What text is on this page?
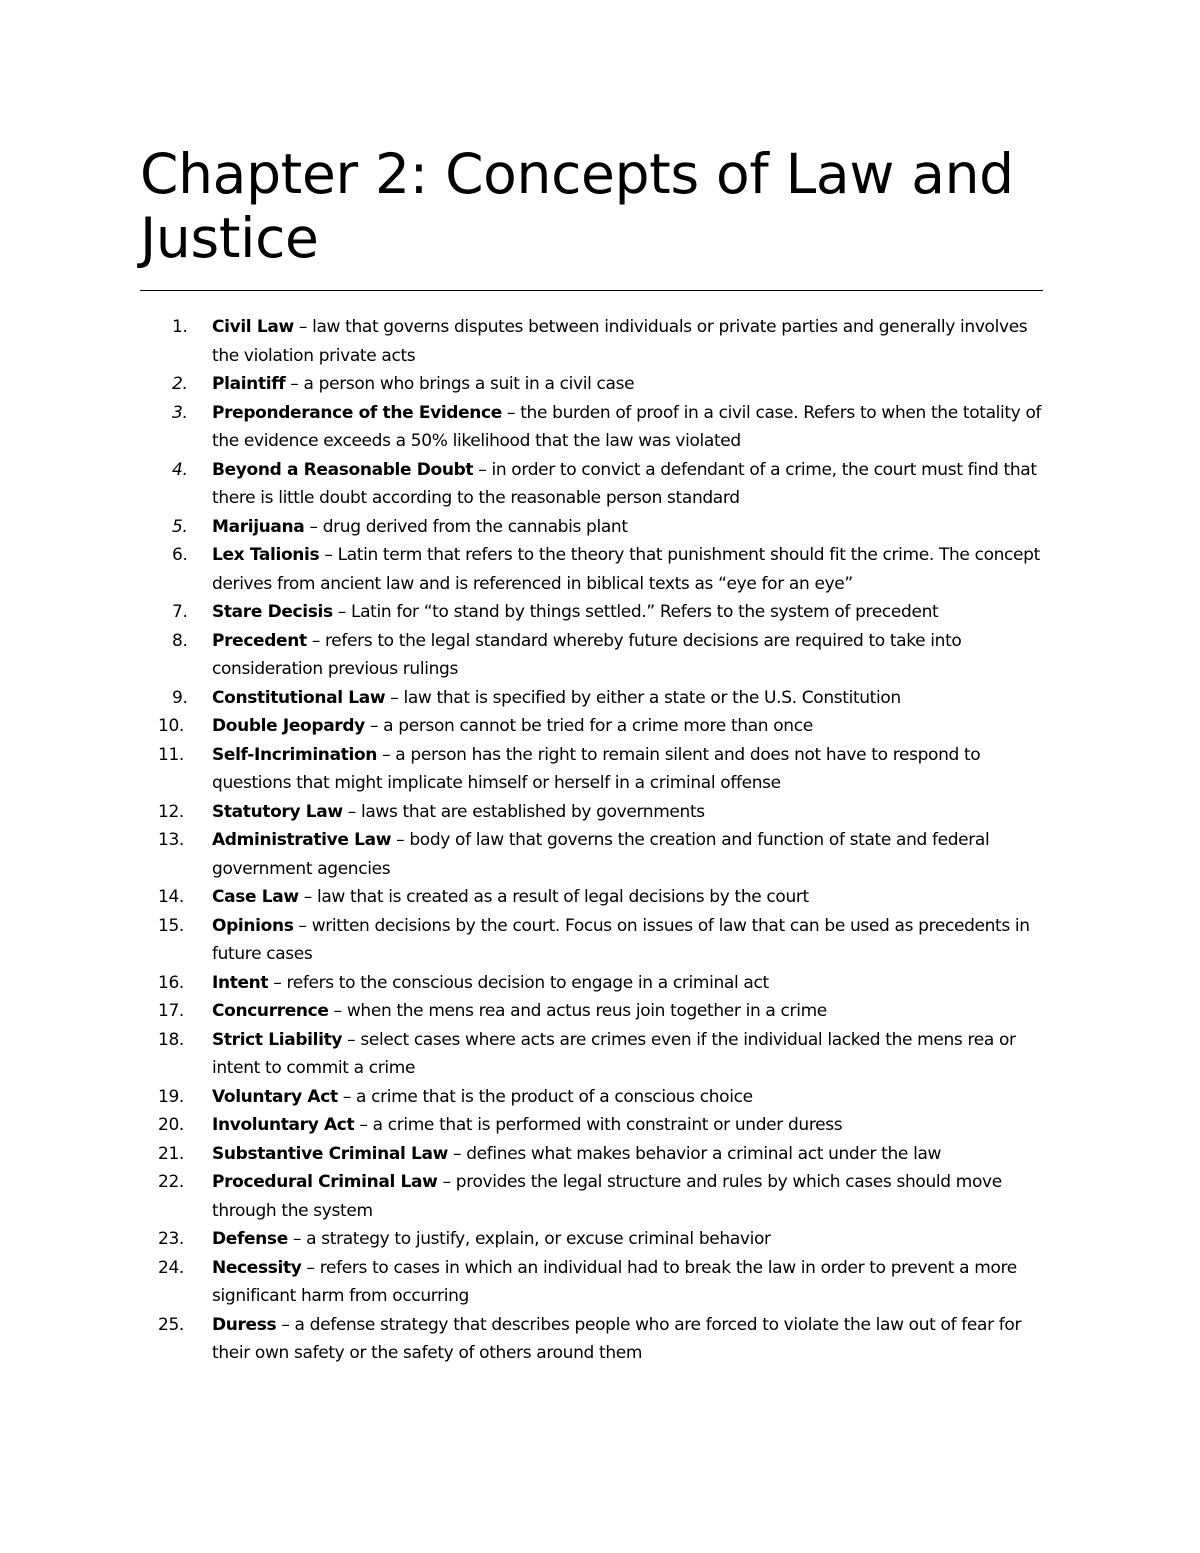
Chapter 2: Concepts of Law and Justice
1. Civil Law – law that governs disputes between individuals or private parties and generally involves the violation private acts
2. Plaintiff – a person who brings a suit in a civil case
3. Preponderance of the Evidence – the burden of proof in a civil case. Refers to when the totality of the evidence exceeds a 50% likelihood that the law was violated
4. Beyond a Reasonable Doubt – in order to convict a defendant of a crime, the court must find that there is little doubt according to the reasonable person standard
5. Marijuana – drug derived from the cannabis plant
6. Lex Talionis – Latin term that refers to the theory that punishment should fit the crime. The concept derives from ancient law and is referenced in biblical texts as “eye for an eye”
7. Stare Decisis – Latin for “to stand by things settled.” Refers to the system of precedent
8. Precedent – refers to the legal standard whereby future decisions are required to take into consideration previous rulings
9. Constitutional Law – law that is specified by either a state or the U.S. Constitution
10. Double Jeopardy – a person cannot be tried for a crime more than once
11. Self-Incrimination – a person has the right to remain silent and does not have to respond to questions that might implicate himself or herself in a criminal offense
12. Statutory Law – laws that are established by governments
13. Administrative Law – body of law that governs the creation and function of state and federal government agencies
14. Case Law – law that is created as a result of legal decisions by the court
15. Opinions – written decisions by the court. Focus on issues of law that can be used as precedents in future cases
16. Intent – refers to the conscious decision to engage in a criminal act
17. Concurrence – when the mens rea and actus reus join together in a crime
18. Strict Liability – select cases where acts are crimes even if the individual lacked the mens rea or intent to commit a crime
19. Voluntary Act – a crime that is the product of a conscious choice
20. Involuntary Act – a crime that is performed with constraint or under duress
21. Substantive Criminal Law – defines what makes behavior a criminal act under the law
22. Procedural Criminal Law – provides the legal structure and rules by which cases should move through the system
23. Defense – a strategy to justify, explain, or excuse criminal behavior
24. Necessity – refers to cases in which an individual had to break the law in order to prevent a more significant harm from occurring
25. Duress – a defense strategy that describes people who are forced to violate the law out of fear for their own safety or the safety of others around them
